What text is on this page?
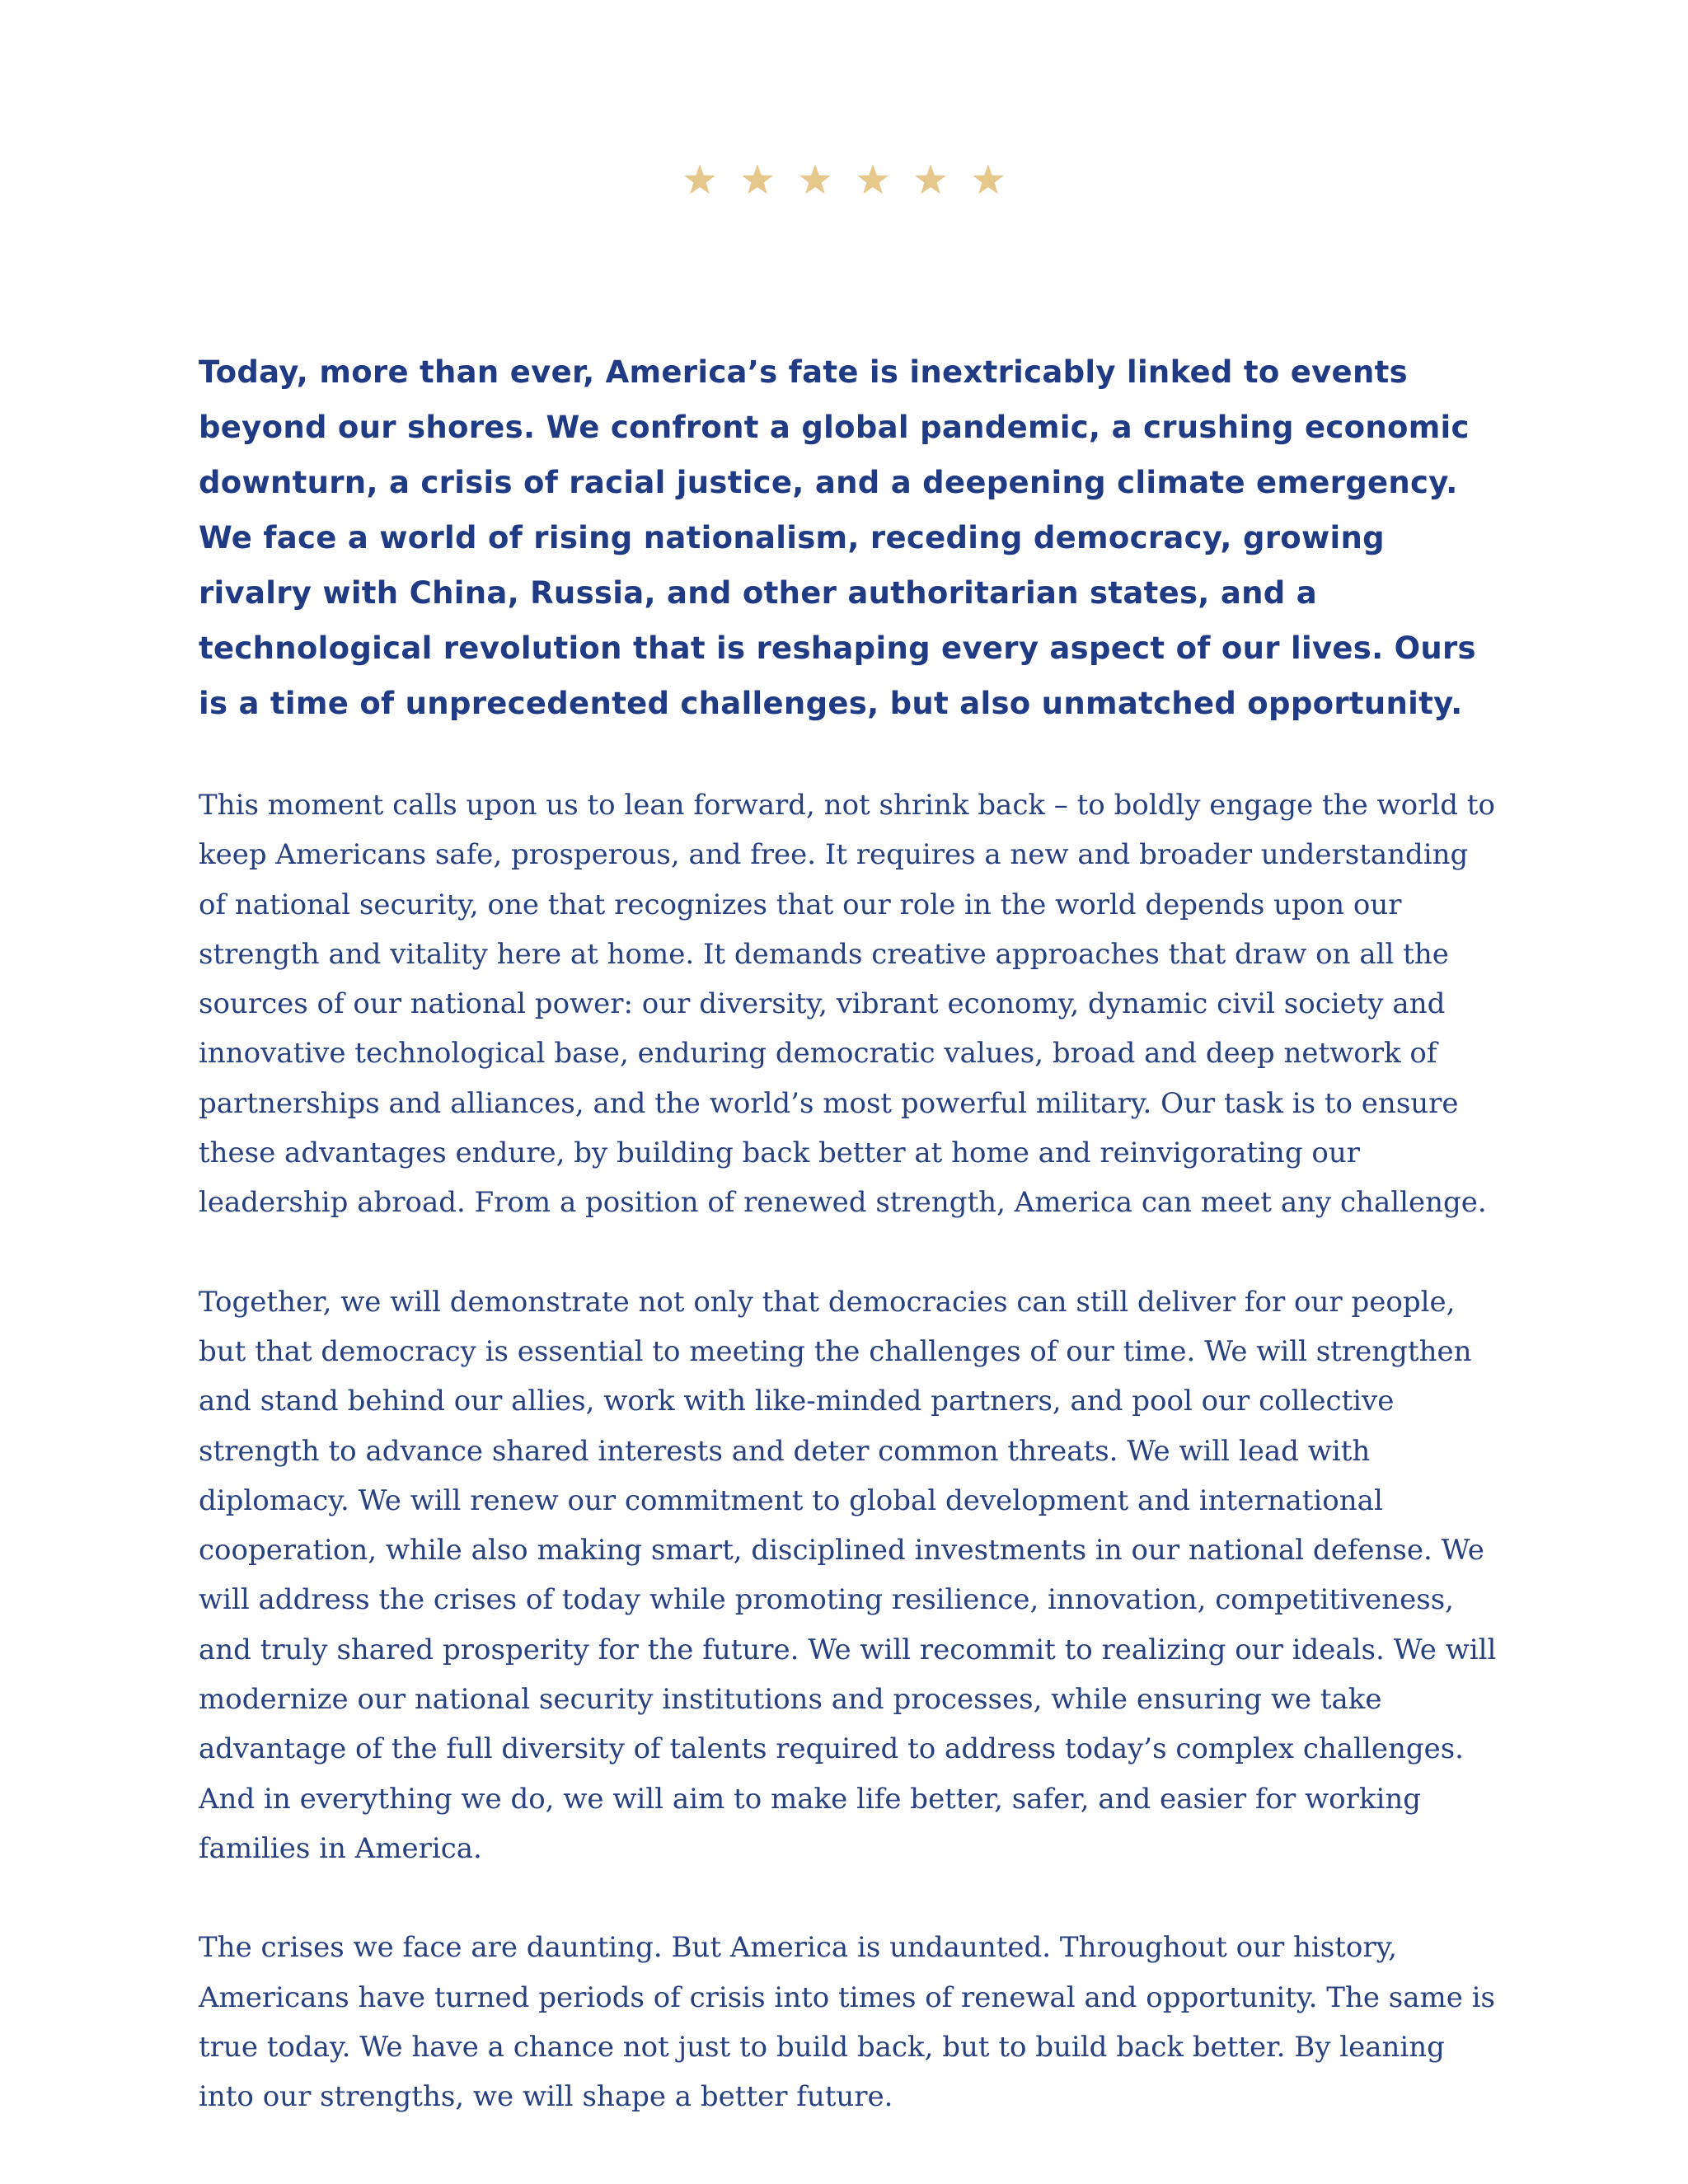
Today, more than ever, America’s fate is inextricably linked to events beyond our shores. We confront a global pandemic, a crushing economic downturn, a crisis of racial justice, and a deepening climate emergency. We face a world of rising nationalism, receding democracy, growing rivalry with China, Russia, and other authoritarian states, and a technological revolution that is reshaping every aspect of our lives. Ours is a time of unprecedented challenges, but also unmatched opportunity.

This moment calls upon us to lean forward, not shrink back – to boldly engage the world to keep Americans safe, prosperous, and free. It requires a new and broader understanding of national security, one that recognizes that our role in the world depends upon our strength and vitality here at home. It demands creative approaches that draw on all the sources of our national power: our diversity, vibrant economy, dynamic civil society and innovative technological base, enduring democratic values, broad and deep network of partnerships and alliances, and the world’s most powerful military. Our task is to ensure these advantages endure, by building back better at home and reinvigorating our leadership abroad. From a position of renewed strength, America can meet any challenge.

Together, we will demonstrate not only that democracies can still deliver for our people, but that democracy is essential to meeting the challenges of our time. We will strengthen and stand behind our allies, work with like-minded partners, and pool our collective strength to advance shared interests and deter common threats. We will lead with diplomacy. We will renew our commitment to global development and international cooperation, while also making smart, disciplined investments in our national defense. We will address the crises of today while promoting resilience, innovation, competitiveness, and truly shared prosperity for the future. We will recommit to realizing our ideals. We will modernize our national security institutions and processes, while ensuring we take advantage of the full diversity of talents required to address today’s complex challenges. And in everything we do, we will aim to make life better, safer, and easier for working families in America.

The crises we face are daunting. But America is undaunted. Throughout our history, Americans have turned periods of crisis into times of renewal and opportunity. The same is true today. We have a chance not just to build back, but to build back better. By leaning into our strengths, we will shape a better future.
